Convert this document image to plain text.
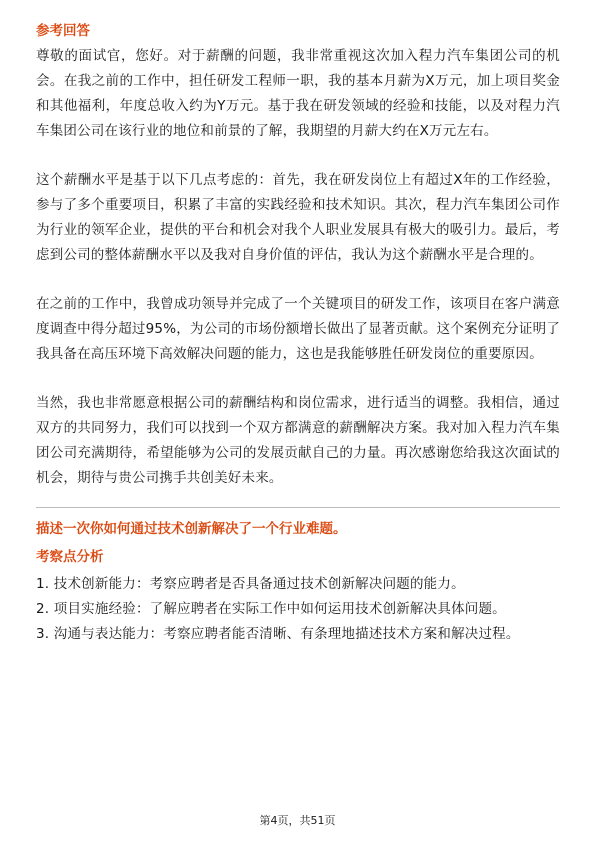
参考回答

尊敬的面试官，您好。对于薪酬的问题，我非常重视这次加入程力汽车集团公司的机会。在我之前的工作中，担任研发工程师一职，我的基本月薪为X万元，加上项目奖金和其他福利，年度总收入约为Y万元。基于我在研发领域的经验和技能，以及对程力汽车集团公司在该行业的地位和前景的了解，我期望的月薪大约在X万元左右。

这个薪酬水平是基于以下几点考虑的：首先，我在研发岗位上有超过X年的工作经验，参与了多个重要项目，积累了丰富的实践经验和技术知识。其次，程力汽车集团公司作为行业的领军企业，提供的平台和机会对我个人职业发展具有极大的吸引力。最后，考虑到公司的整体薪酬水平以及我对自身价值的评估，我认为这个薪酬水平是合理的。

在之前的工作中，我曾成功领导并完成了一个关键项目的研发工作，该项目在客户满意度调查中得分超过95%，为公司的市场份额增长做出了显著贡献。这个案例充分证明了我具备在高压环境下高效解决问题的能力，这也是我能够胜任研发岗位的重要原因。

当然，我也非常愿意根据公司的薪酬结构和岗位需求，进行适当的调整。我相信，通过双方的共同努力，我们可以找到一个双方都满意的薪酬解决方案。我对加入程力汽车集团公司充满期待，希望能够为公司的发展贡献自己的力量。再次感谢您给我这次面试的机会，期待与贵公司携手共创美好未来。

描述一次你如何通过技术创新解决了一个行业难题。
考察点分析
1. 技术创新能力：考察应聘者是否具备通过技术创新解决问题的能力。
2. 项目实施经验：了解应聘者在实际工作中如何运用技术创新解决具体问题。
3. 沟通与表达能力：考察应聘者能否清晰、有条理地描述技术方案和解决过程。
第4页，共51页
